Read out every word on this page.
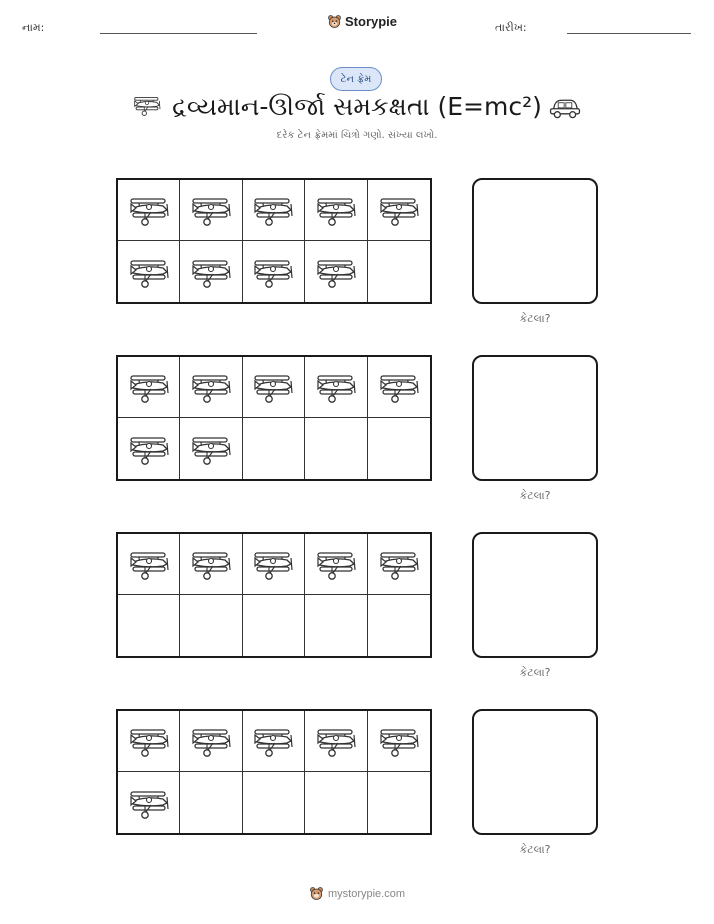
નામ:	Storypie	તારીખ:
ટેન ફ્રેમ
દ્રવ્યમાન-ઊર્જા સમકક્ષતા (E=mc²)
દરેક ટેન ફ્રેમમાં ચિત્રો ગણો. સંખ્યા લખો.
કેટલા?
કેટલા?
કેટલા?
કેટલા?
mystorypie.com
